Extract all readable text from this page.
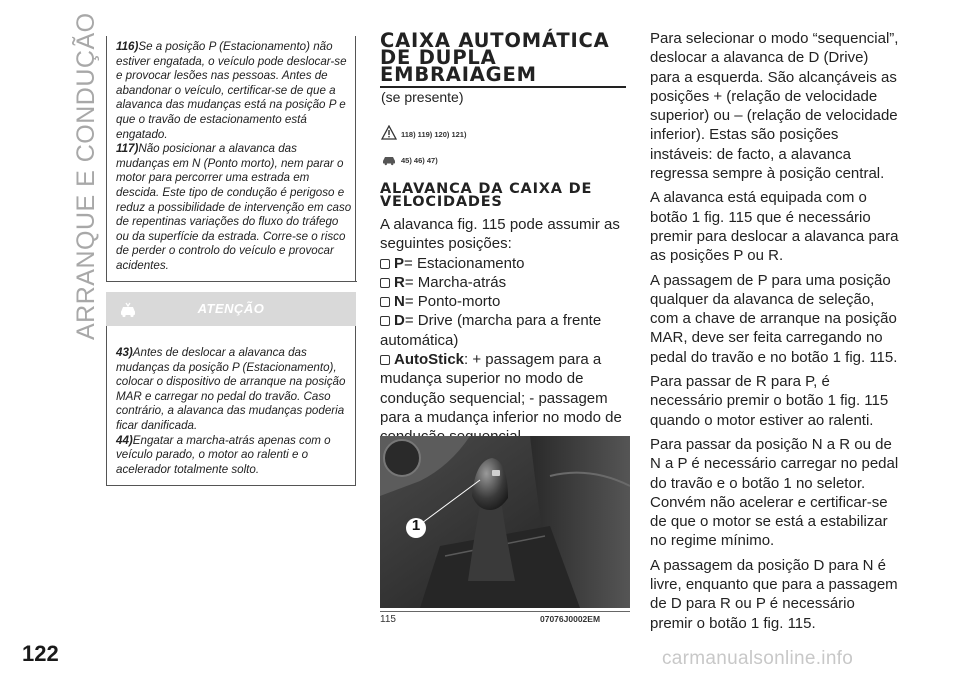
ARRANQUE E CONDUÇÃO
122	carmanualsonline.info
116)Se a posição P (Estacionamento) não estiver engatada, o veículo pode deslocar-se e provocar lesões nas pessoas. Antes de abandonar o veículo, certificar-se de que a alavanca das mudanças está na posição P e que o travão de estacionamento está engatado.
117)Não posicionar a alavanca das mudanças em N (Ponto morto), nem parar o motor para percorrer uma estrada em descida. Este tipo de condução é perigoso e reduz a possibilidade de intervenção em caso de repentinas variações do fluxo do tráfego ou da superfície da estrada. Corre-se o risco de perder o controlo do veículo e provocar acidentes.
ATENÇÃO
43)Antes de deslocar a alavanca das mudanças da posição P (Estacionamento), colocar o dispositivo de arranque na posição MAR e carregar no pedal do travão. Caso contrário, a alavanca das mudanças poderia ficar danificada.
44)Engatar a marcha-atrás apenas com o veículo parado, o motor ao ralenti e o acelerador totalmente solto.
CAIXA AUTOMÁTICA
DE DUPLA
EMBRAIAGEM
(se presente)
118) 119) 120) 121)
45) 46) 47)
ALAVANCA DA CAIXA DE
VELOCIDADES

A alavanca fig. 115 pode assumir as seguintes posições:

P= Estacionamento
R= Marcha-atrás
N= Ponto-morto
D= Drive (marcha para a frente automática)
AutoStick: + passagem para a mudança superior no modo de condução sequencial; - passagem para a mudança inferior no modo de
1
115	07076J0002EM

Para selecionar o modo “sequencial”, deslocar a alavanca de D (Drive) para a esquerda. São alcançáveis as posições + (relação de velocidade superior) ou – (relação de velocidade inferior). Estas são posições instáveis: de facto, a alavanca regressa sempre à posição central.

A alavanca está equipada com o botão 1 fig. 115 que é necessário premir para deslocar a alavanca para as posições P ou R.

A passagem de P para uma posição qualquer da alavanca de seleção, com a chave de arranque na posição MAR, deve ser feita carregando no pedal do travão e no botão 1 fig. 115.

Para passar de R para P, é necessário premir o botão 1 fig. 115 quando o motor estiver ao ralenti.

Para passar da posição N a R ou de N a P é necessário carregar no pedal do travão e o botão 1 no seletor. Convém não acelerar e certificar-se de que o motor se está a estabilizar no regime mínimo.

A passagem da posição D para N é livre, enquanto que para a passagem de D para R ou P é necessário premir o botão 1 fig. 115.
